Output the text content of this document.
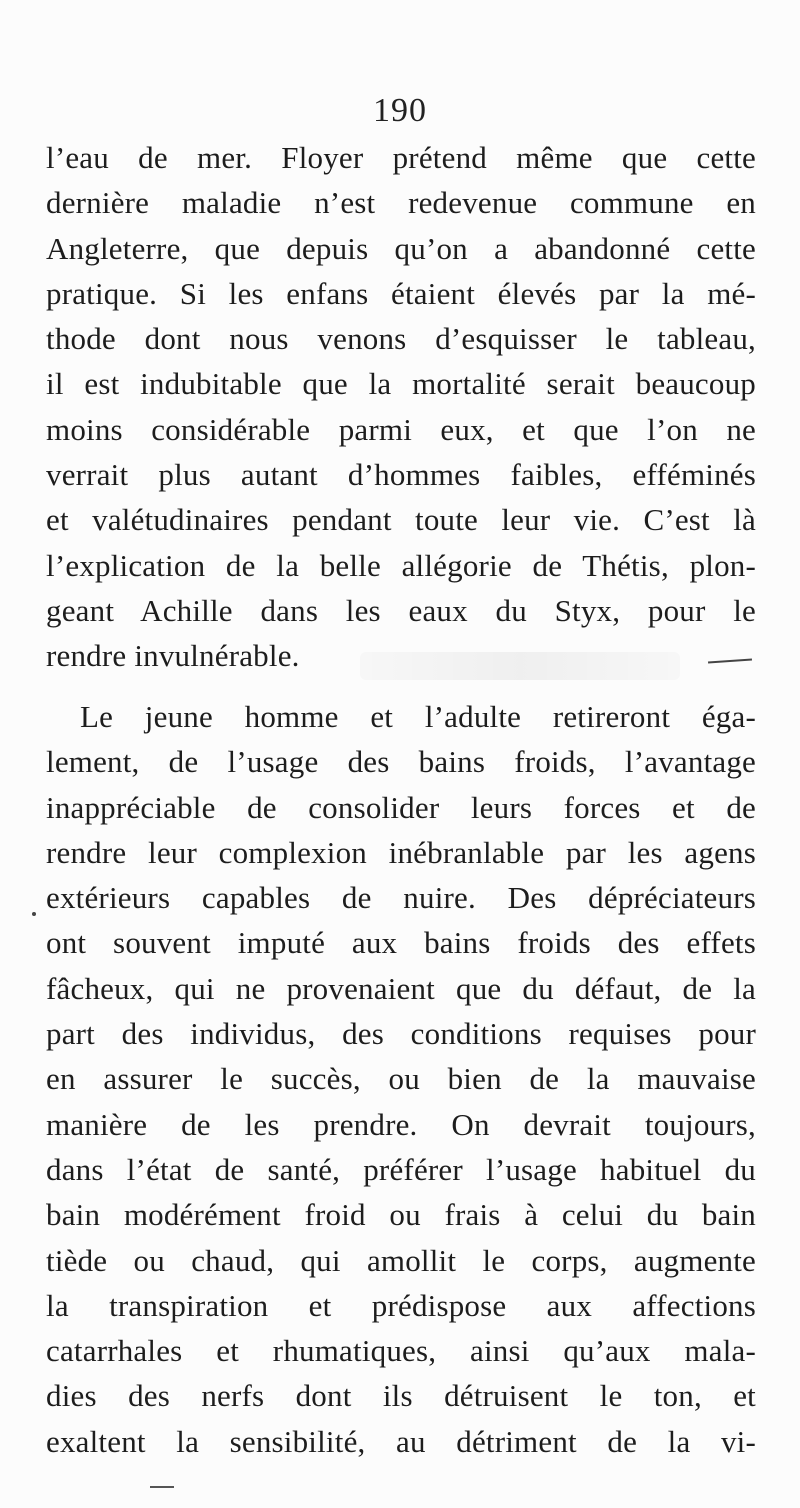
190
l’eau de mer. Floyer prétend même que cette
dernière maladie n’est redevenue commune en
Angleterre, que depuis qu’on a abandonné cette
pratique. Si les enfans étaient élevés par la mé-
thode dont nous venons d’esquisser le tableau,
il est indubitable que la mortalité serait beaucoup
moins considérable parmi eux, et que l’on ne
verrait plus autant d’hommes faibles, efféminés
et valétudinaires pendant toute leur vie. C’est là
l’explication de la belle allégorie de Thétis, plon-
geant Achille dans les eaux du Styx, pour le
rendre invulnérable.
Le jeune homme et l’adulte retireront éga-
lement, de l’usage des bains froids, l’avantage
inappréciable de consolider leurs forces et de
rendre leur complexion inébranlable par les agens
extérieurs capables de nuire. Des dépréciateurs
ont souvent imputé aux bains froids des effets
fâcheux, qui ne provenaient que du défaut, de la
part des individus, des conditions requises pour
en assurer le succès, ou bien de la mauvaise
manière de les prendre. On devrait toujours,
dans l’état de santé, préférer l’usage habituel du
bain modérément froid ou frais à celui du bain
tiède ou chaud, qui amollit le corps, augmente
la transpiration et prédispose aux affections
catarrhales et rhumatiques, ainsi qu’aux mala-
dies des nerfs dont ils détruisent le ton, et
exaltent la sensibilité, au détriment de la vi-
